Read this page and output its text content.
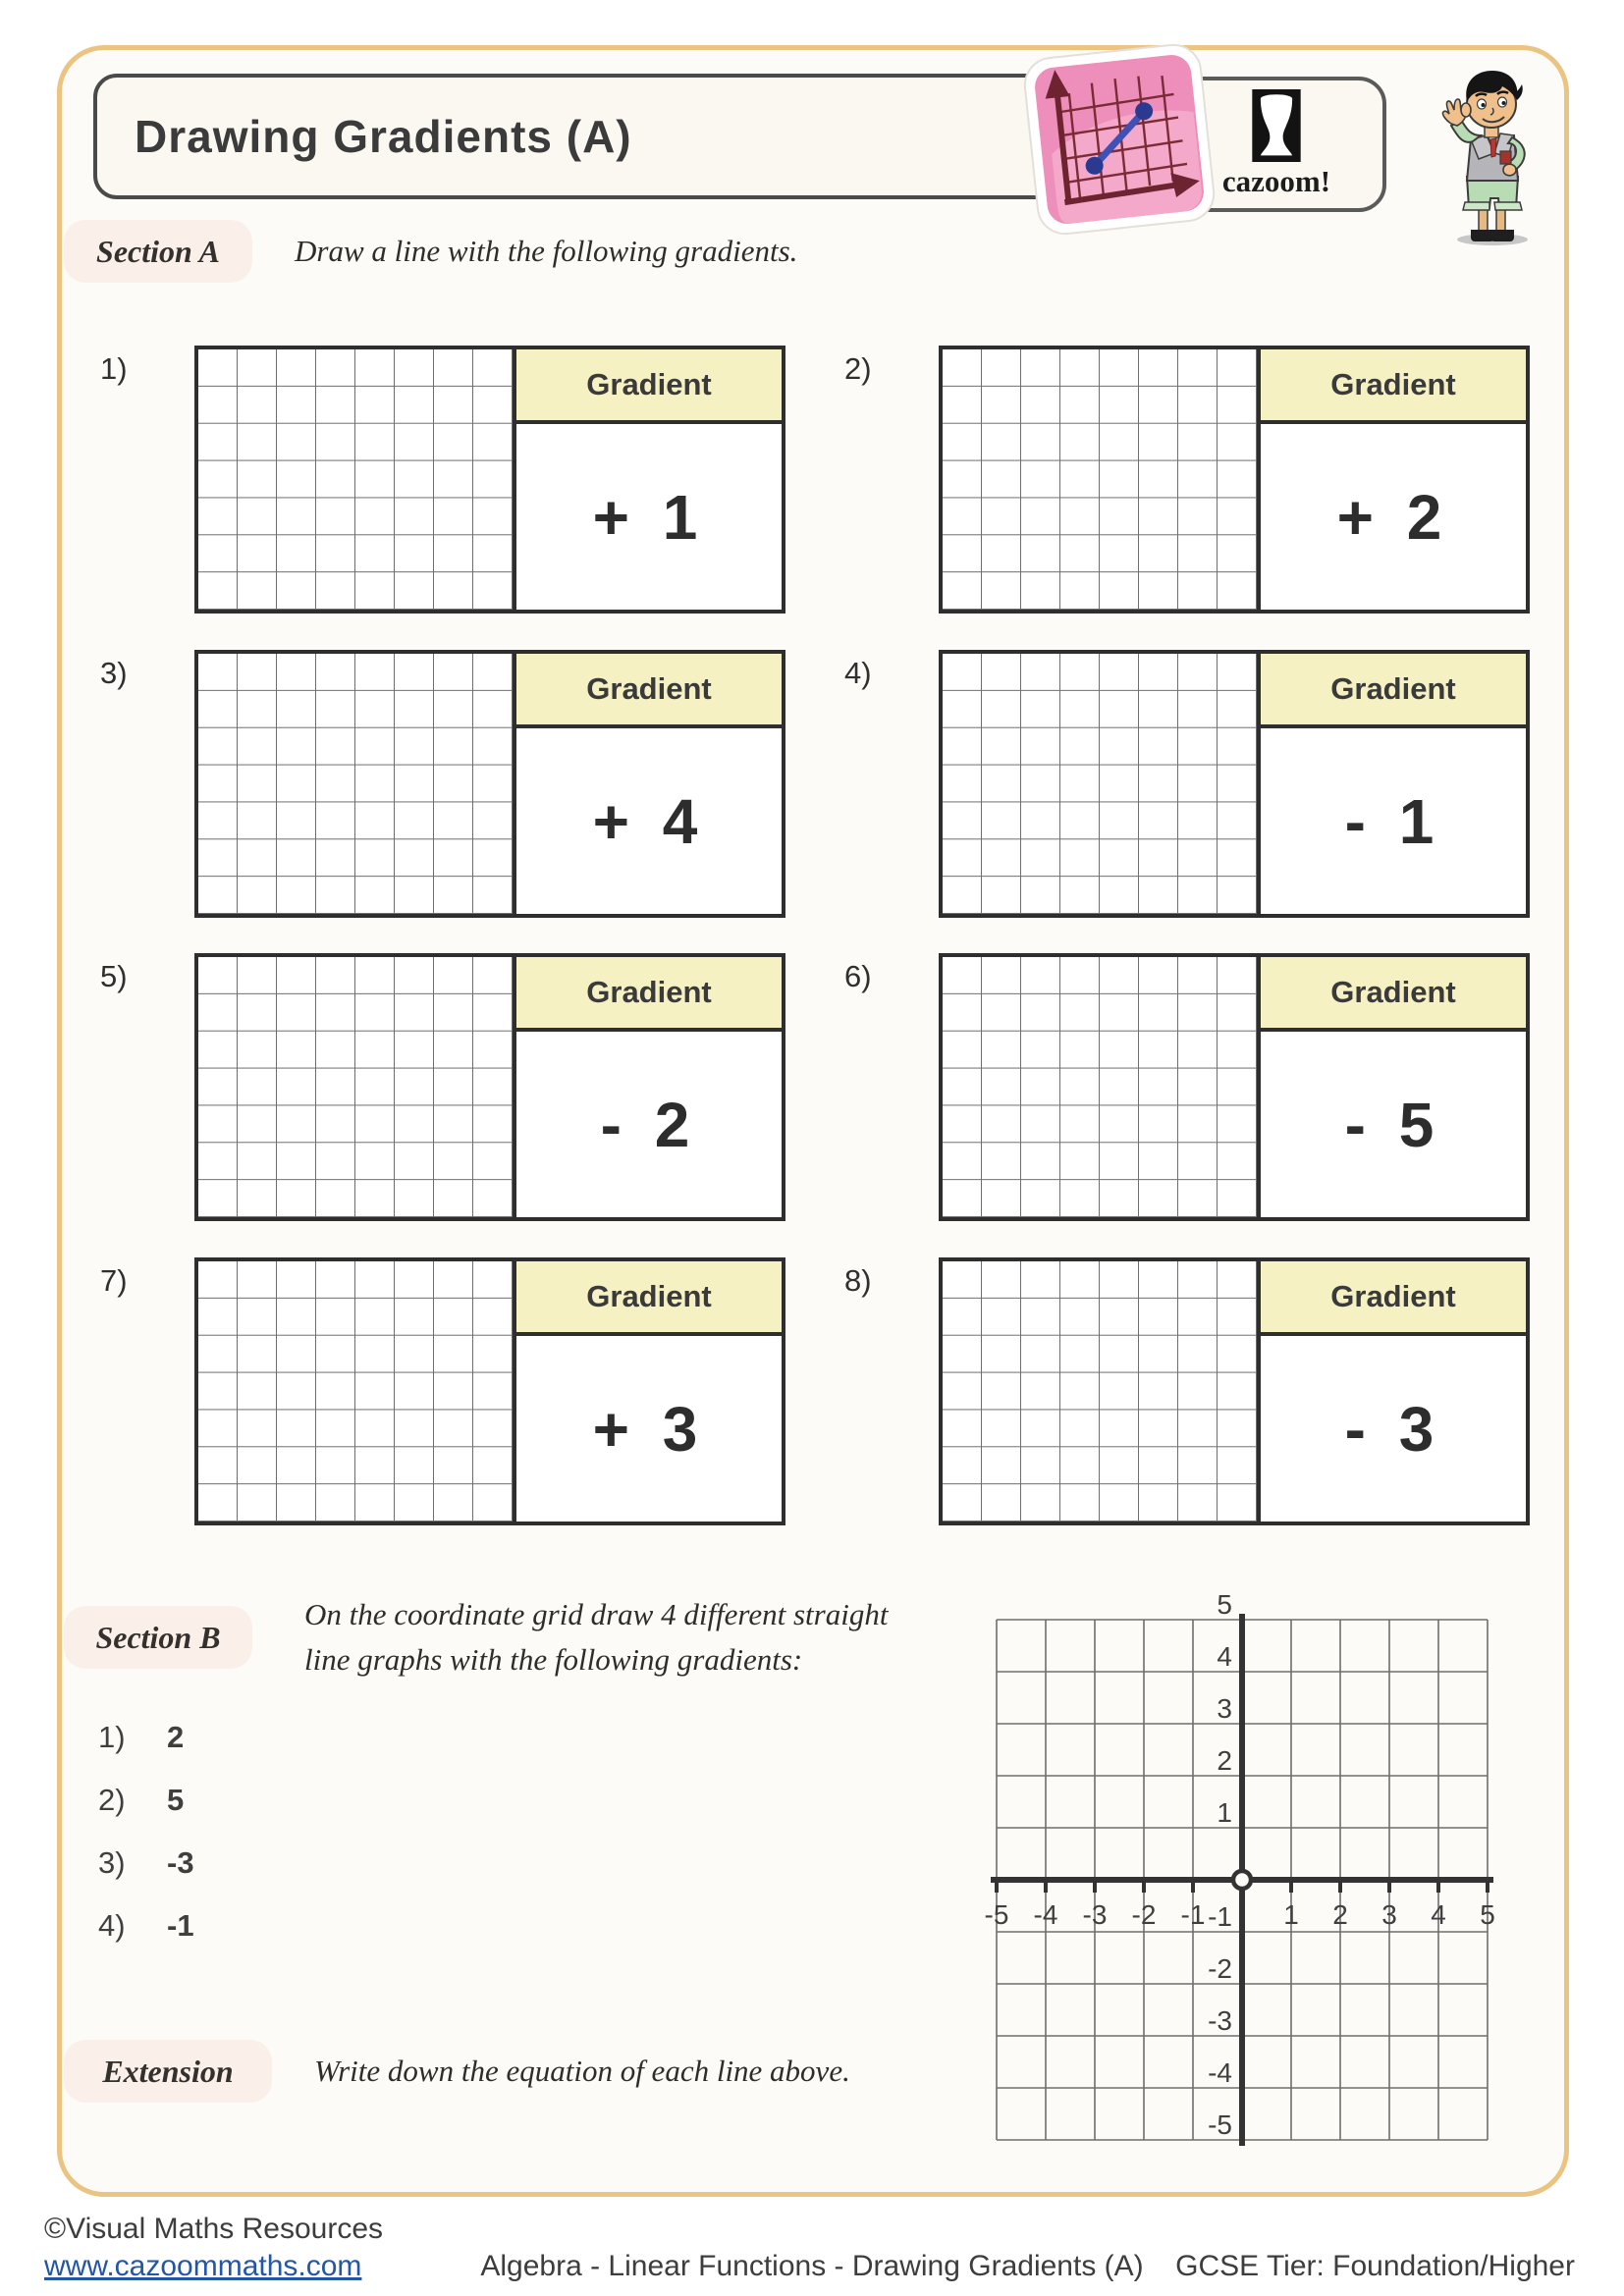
Drawing Gradients (A)
cazoom!
Section A Draw a line with the following gradients.
1)	Gradient
+ 1
2)	Gradient
+ 2
3)	Gradient
+ 4
4)	Gradient
- 1
5)	Gradient
- 2
6)	Gradient
- 5
7)	Gradient
+ 3
8)	Gradient
- 3
Section B
On the coordinate grid draw 4 different straight
line graphs with the following gradients:
1)	2
2)	5
3)	-3
4)	-1
5
4
3
2
1
-1
-2
-3
-4
-5
-5 -4 -3 -2 -1	1 2 3 4 5
Extension	Write down the equation of each line above.
©Visual Maths Resources
www.cazoommaths.com	Algebra - Linear Functions - Drawing Gradients (A)	GCSE Tier: Foundation/Higher
